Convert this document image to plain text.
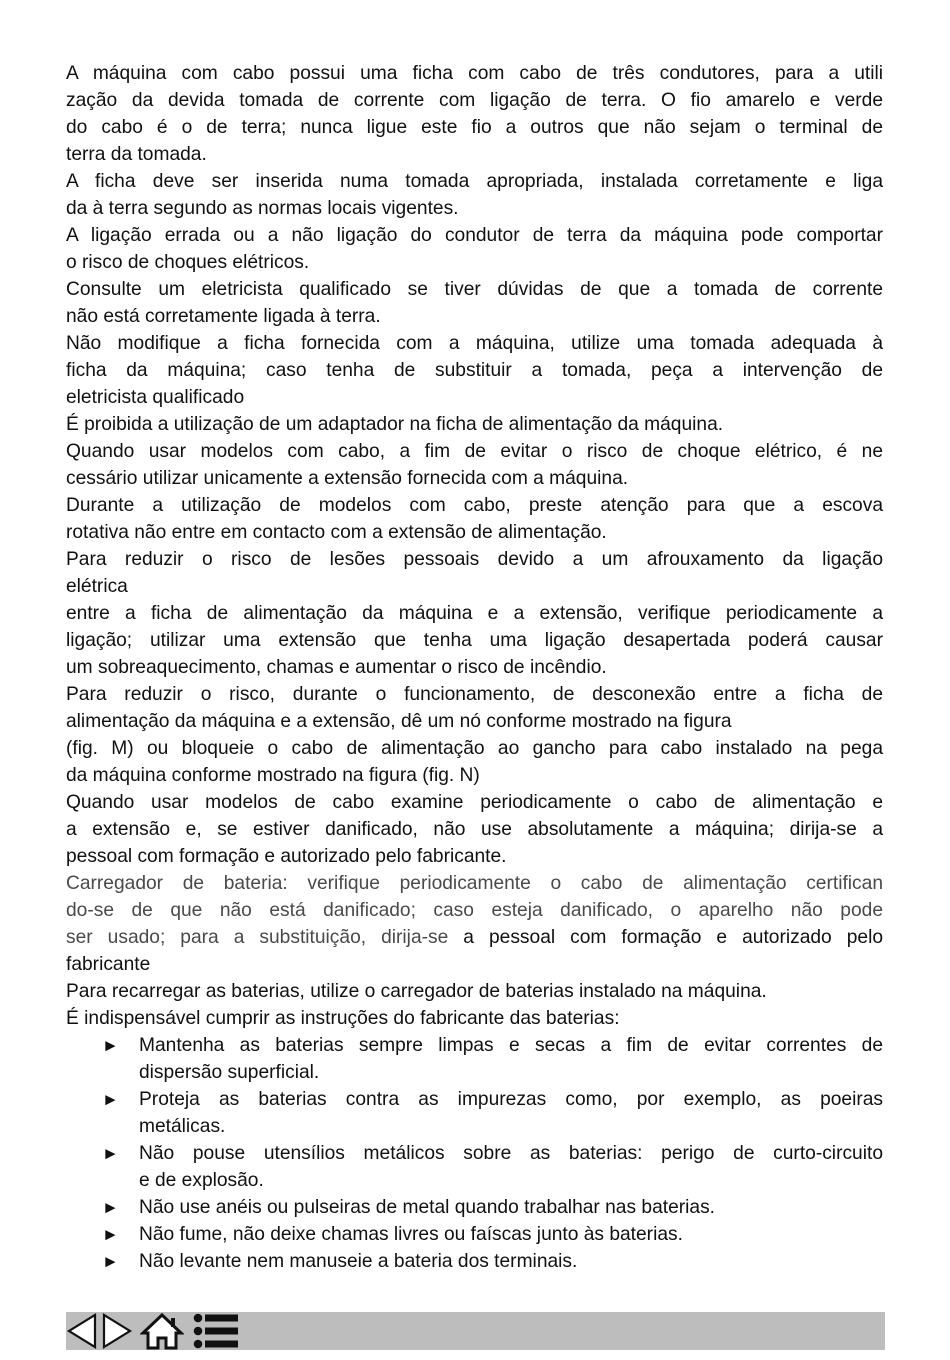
A máquina com cabo possui uma ficha com cabo de três condutores, para a utili
zação da devida tomada de corrente com ligação de terra. O fio amarelo e verde
do cabo é o de terra; nunca ligue este fio a outros que não sejam o terminal de
terra da tomada.
A ficha deve ser inserida numa tomada apropriada, instalada corretamente e liga
da à terra segundo as normas locais vigentes.
A ligação errada ou a não ligação do condutor de terra da máquina pode comportar
o risco de choques elétricos.
Consulte um eletricista qualificado se tiver dúvidas de que a tomada de corrente
não está corretamente ligada à terra.
Não modifique a ficha fornecida com a máquina, utilize uma tomada adequada à
ficha da máquina; caso tenha de substituir a tomada, peça a intervenção de
eletricista qualificado
É proibida a utilização de um adaptador na ficha de alimentação da máquina.
Quando usar modelos com cabo, a fim de evitar o risco de choque elétrico, é ne
cessário utilizar unicamente a extensão fornecida com a máquina.
Durante a utilização de modelos com cabo, preste atenção para que a escova
rotativa não entre em contacto com a extensão de alimentação.
Para reduzir o risco de lesões pessoais devido a um afrouxamento da ligação
elétrica
entre a ficha de alimentação da máquina e a extensão, verifique periodicamente a
ligação; utilizar uma extensão que tenha uma ligação desapertada poderá causar
um sobreaquecimento, chamas e aumentar o risco de incêndio.
Para reduzir o risco, durante o funcionamento, de desconexão entre a ficha de
alimentação da máquina e a extensão, dê um nó conforme mostrado na figura
(fig. M) ou bloqueie o cabo de alimentação ao gancho para cabo instalado na pega
da máquina conforme mostrado na figura (fig. N)
Quando usar modelos de cabo examine periodicamente o cabo de alimentação e
a extensão e, se estiver danificado, não use absolutamente a máquina; dirija-se a
pessoal com formação e autorizado pelo fabricante.
Carregador de bateria: verifique periodicamente o cabo de alimentação certifican
do-se de que não está danificado; caso esteja danificado, o aparelho não pode
ser usado; para a substituição, dirija-se a pessoal com formação e autorizado pelo
fabricante
Para recarregar as baterias, utilize o carregador de baterias instalado na máquina.
É indispensável cumprir as instruções do fabricante das baterias:
► Mantenha as baterias sempre limpas e secas a fim de evitar correntes de
dispersão superficial.
► Proteja as baterias contra as impurezas como, por exemplo, as poeiras
metálicas.
► Não pouse utensílios metálicos sobre as baterias: perigo de curto-circuito
e de explosão.
► Não use anéis ou pulseiras de metal quando trabalhar nas baterias.
► Não fume, não deixe chamas livres ou faíscas junto às baterias.
► Não levante nem manuseie a bateria dos terminais.
